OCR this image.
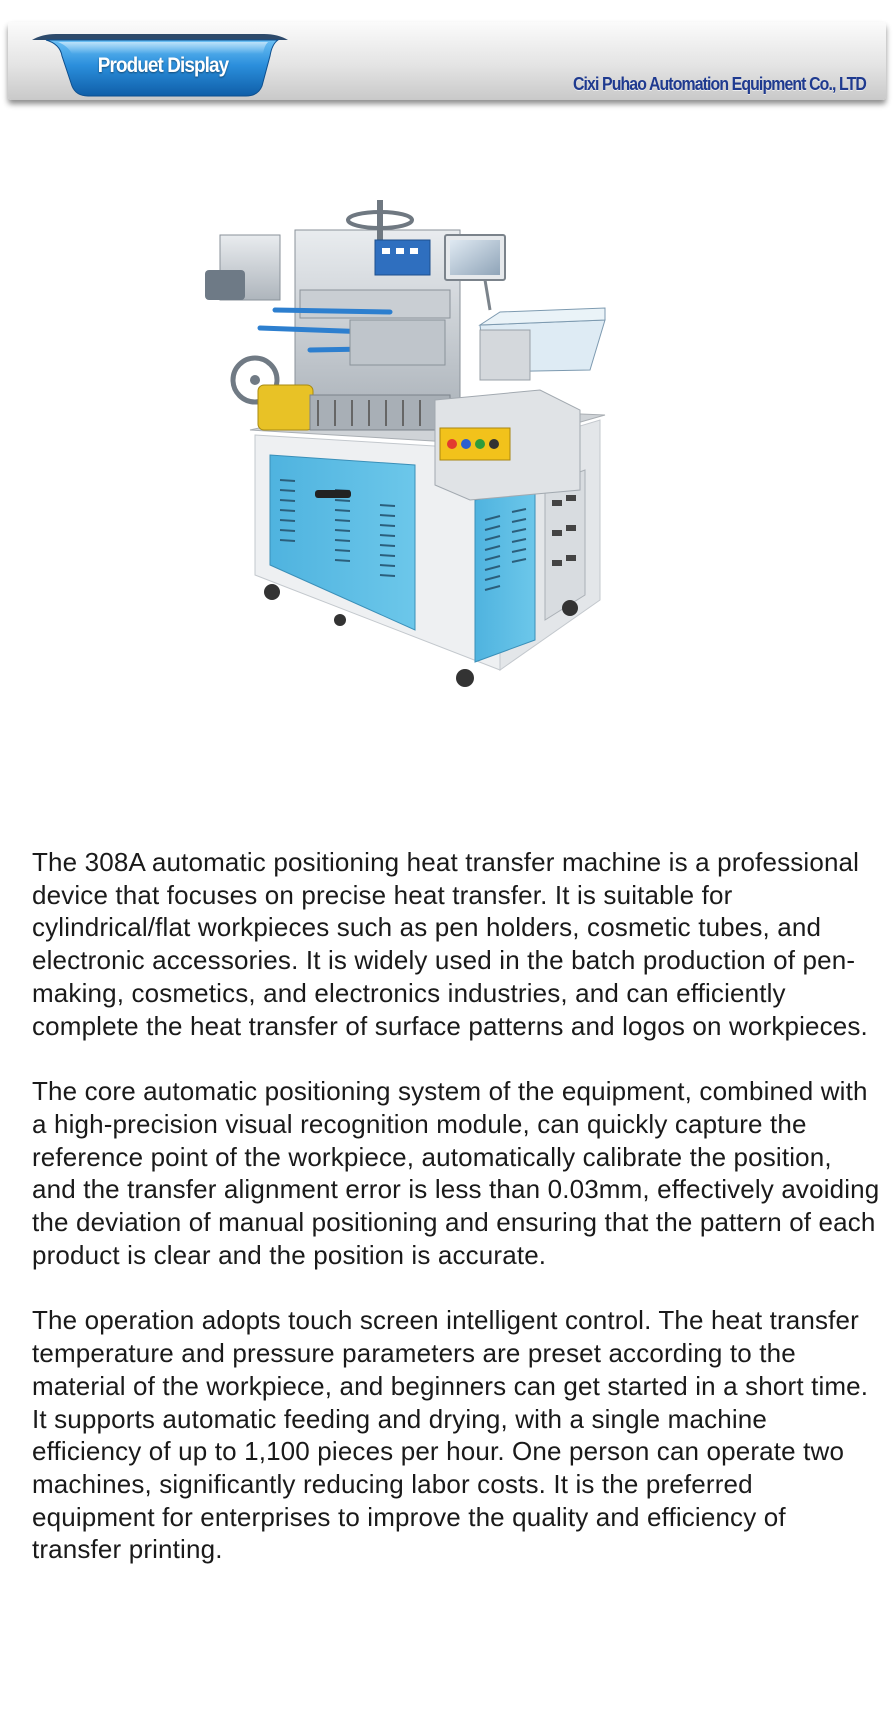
Produet Display
Cixi Puhao Automation Equipment Co., LTD

The 308A automatic positioning heat transfer machine is a professional device that focuses on precise heat transfer. It is suitable for cylindrical/flat workpieces such as pen holders, cosmetic tubes, and electronic accessories. It is widely used in the batch production of pen-making, cosmetics, and electronics industries, and can efficiently complete the heat transfer of surface patterns and logos on workpieces.

The core automatic positioning system of the equipment, combined with a high-precision visual recognition module, can quickly capture the reference point of the workpiece, automatically calibrate the position, and the transfer alignment error is less than 0.03mm, effectively avoiding the deviation of manual positioning and ensuring that the pattern of each product is clear and the position is accurate.

The operation adopts touch screen intelligent control. The heat transfer temperature and pressure parameters are preset according to the material of the workpiece, and beginners can get started in a short time. It supports automatic feeding and drying, with a single machine efficiency of up to 1,100 pieces per hour. One person can operate two machines, significantly reducing labor costs. It is the preferred equipment for enterprises to improve the quality and efficiency of transfer printing.
